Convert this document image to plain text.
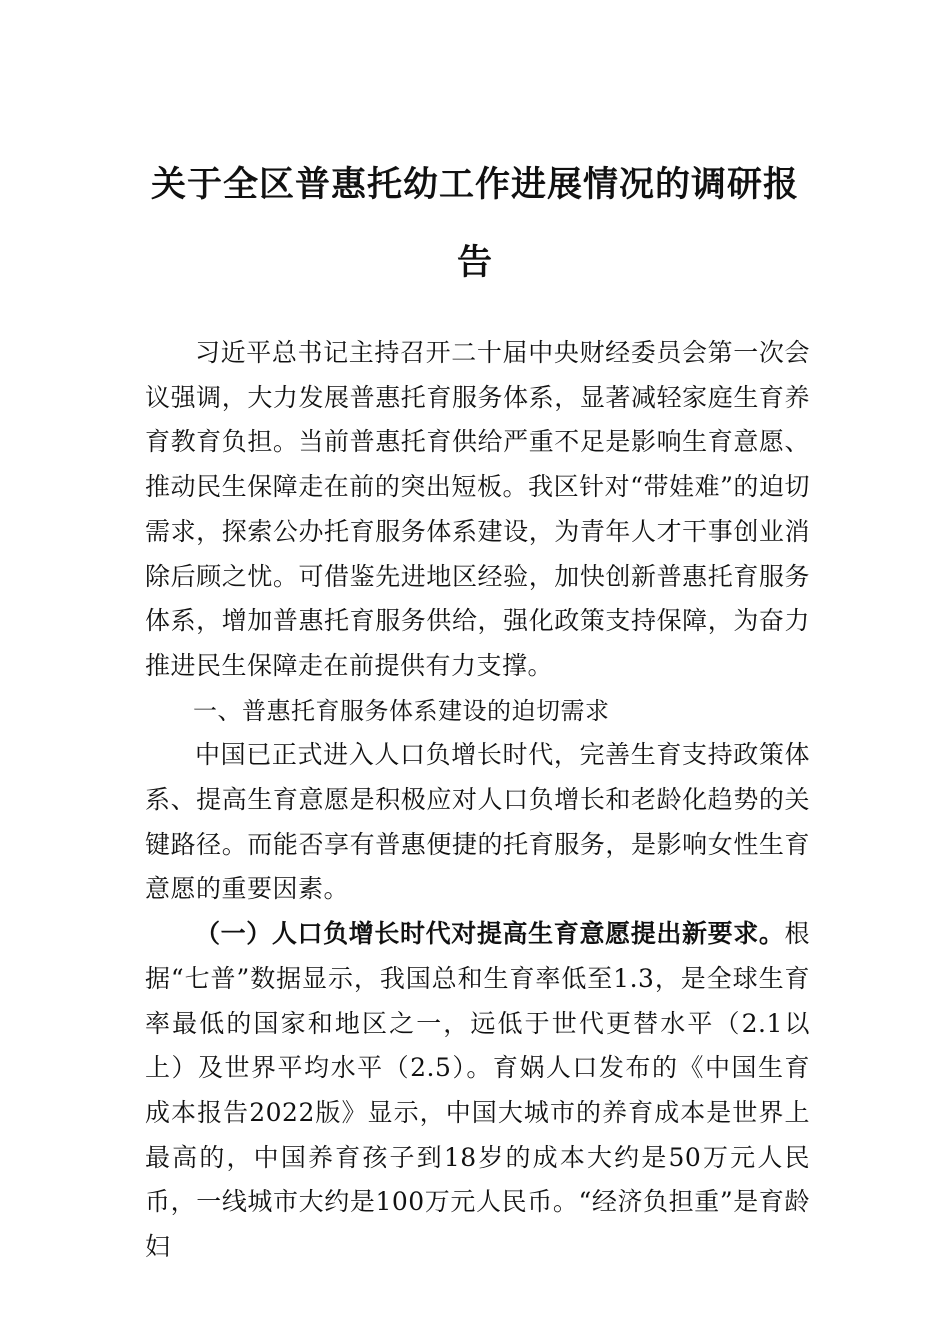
关于全区普惠托幼工作进展情况的调研报告

习近平总书记主持召开二十届中央财经委员会第一次会议强调，大力发展普惠托育服务体系，显著减轻家庭生育养育教育负担。当前普惠托育供给严重不足是影响生育意愿、推动民生保障走在前的突出短板。我区针对“带娃难”的迫切需求，探索公办托育服务体系建设，为青年人才干事创业消除后顾之忧。可借鉴先进地区经验，加快创新普惠托育服务体系，增加普惠托育服务供给，强化政策支持保障，为奋力推进民生保障走在前提供有力支撑。

一、普惠托育服务体系建设的迫切需求

中国已正式进入人口负增长时代，完善生育支持政策体系、提高生育意愿是积极应对人口负增长和老龄化趋势的关键路径。而能否享有普惠便捷的托育服务，是影响女性生育意愿的重要因素。

（一）人口负增长时代对提高生育意愿提出新要求。根据“七普”数据显示，我国总和生育率低至1.3，是全球生育率最低的国家和地区之一，远低于世代更替水平（2.1以上）及世界平均水平（2.5）。育娲人口发布的《中国生育成本报告2022版》显示，中国大城市的养育成本是世界上最高的，中国养育孩子到18岁的成本大约是50万元人民币，一线城市大约是100万元人民币。“经济负担重”是育龄妇
